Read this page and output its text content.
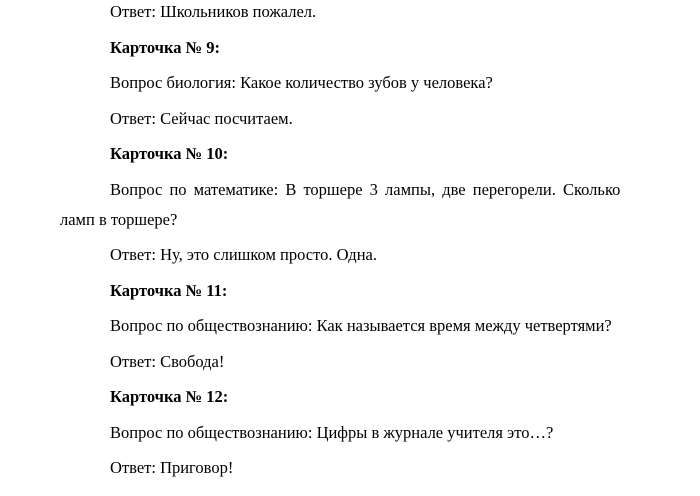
Ответ: Школьников пожалел.

Карточка № 9:

Вопрос биология: Какое количество зубов у человека?

Ответ: Сейчас посчитаем.

Карточка № 10:

Вопрос по математике: В торшере 3 лампы, две перегорели. Сколько
ламп в торшере?

Ответ: Ну, это слишком просто. Одна.

Карточка № 11:

Вопрос по обществознанию: Как называется время между четвертями?

Ответ: Свобода!

Карточка № 12:

Вопрос по обществознанию: Цифры в журнале учителя это…?

Ответ: Приговор!
